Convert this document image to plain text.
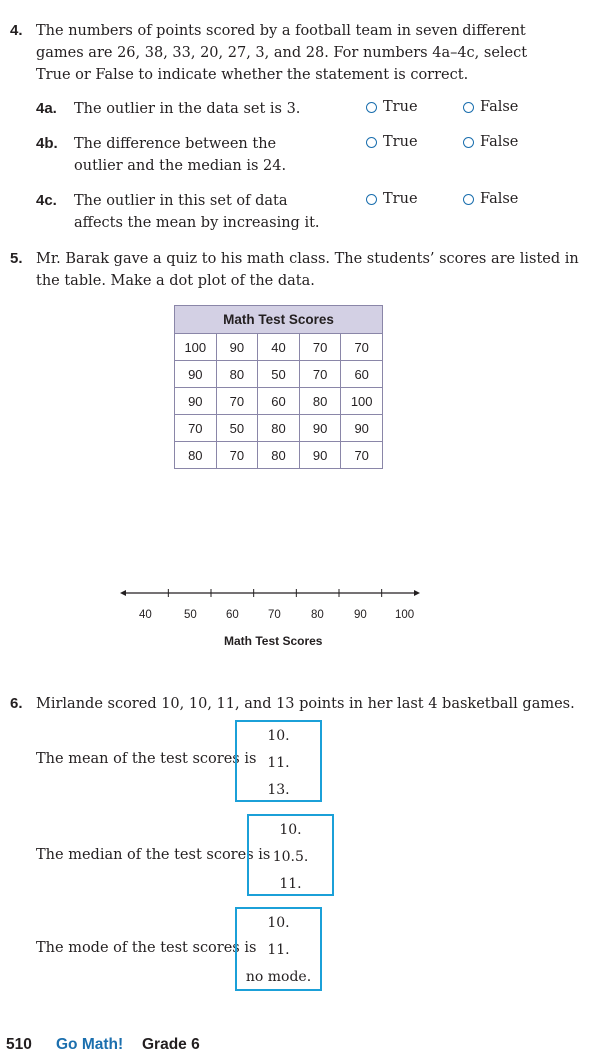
4. The numbers of points scored by a football team in seven different
games are 26, 38, 33, 20, 27, 3, and 28. For numbers 4a–4c, select
True or False to indicate whether the statement is correct.
4a. The outlier in the data set is 3.	True	False
4b. The difference between the
outlier and the median is 24.
True	False
4c. The outlier in this set of data
affects the mean by increasing it.
True	False
5. Mr. Barak gave a quiz to his math class. The students’ scores are listed in
the table. Make a dot plot of the data.
Math Test Scores				
100	90	40	70	70
90	80	50	70	60
90	70	60	80	100
70	50	80	90	90
80	70	80	90	70
40	50	60	70	80	90 100
Math Test Scores
6. Mirlande scored 10, 10, 11, and 13 points in her last 4 basketball games.
The mean of the test scores is
10.
11.
13.
The median of the test scores is
10.
10.5.
11.
The mode of the test scores is
10.
11.
no mode.
510 Go Math! Grade 6
